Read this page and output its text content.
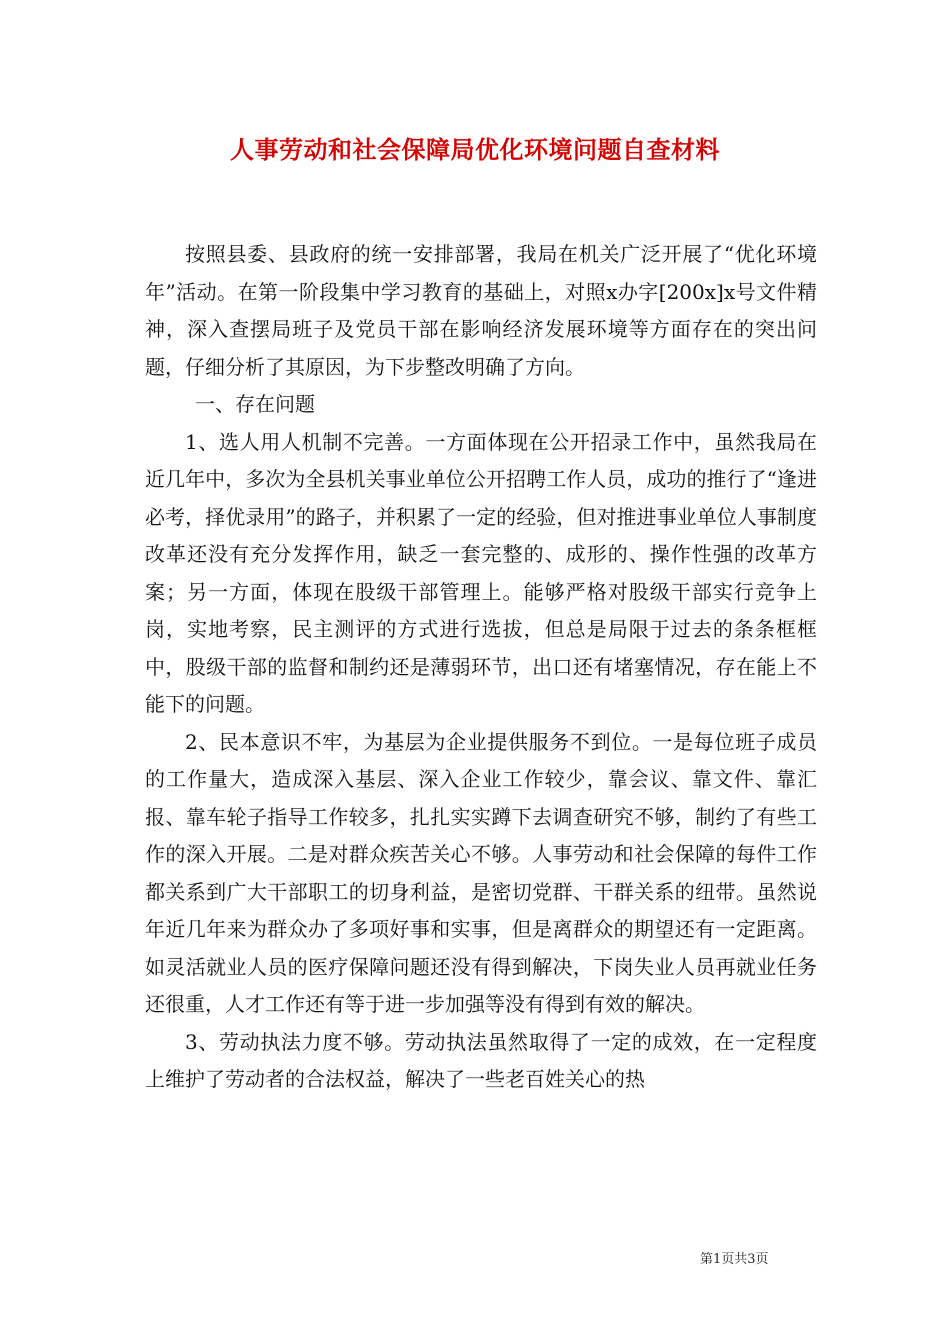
人事劳动和社会保障局优化环境问题自查材料

按照县委、县政府的统一安排部署，我局在机关广泛开展了“优化环境年”活动。在第一阶段集中学习教育的基础上，对照x办字[200x]x号文件精神，深入查摆局班子及党员干部在影响经济发展环境等方面存在的突出问题，仔细分析了其原因，为下步整改明确了方向。

一、存在问题

1、选人用人机制不完善。一方面体现在公开招录工作中，虽然我局在近几年中，多次为全县机关事业单位公开招聘工作人员，成功的推行了“逢进必考，择优录用”的路子，并积累了一定的经验，但对推进事业单位人事制度改革还没有充分发挥作用，缺乏一套完整的、成形的、操作性强的改革方案；另一方面，体现在股级干部管理上。能够严格对股级干部实行竞争上岗，实地考察，民主测评的方式进行选拔，但总是局限于过去的条条框框中，股级干部的监督和制约还是薄弱环节，出口还有堵塞情况，存在能上不能下的问题。

2、民本意识不牢，为基层为企业提供服务不到位。一是每位班子成员的工作量大，造成深入基层、深入企业工作较少，靠会议、靠文件、靠汇报、靠车轮子指导工作较多，扎扎实实蹲下去调查研究不够，制约了有些工作的深入开展。二是对群众疾苦关心不够。人事劳动和社会保障的每件工作都关系到广大干部职工的切身利益，是密切党群、干群关系的纽带。虽然说年近几年来为群众办了多项好事和实事，但是离群众的期望还有一定距离。如灵活就业人员的医疗保障问题还没有得到解决，下岗失业人员再就业任务还很重，人才工作还有等于进一步加强等没有得到有效的解决。

3、劳动执法力度不够。劳动执法虽然取得了一定的成效，在一定程度上维护了劳动者的合法权益，解决了一些老百姓关心的热

第1页共3页
